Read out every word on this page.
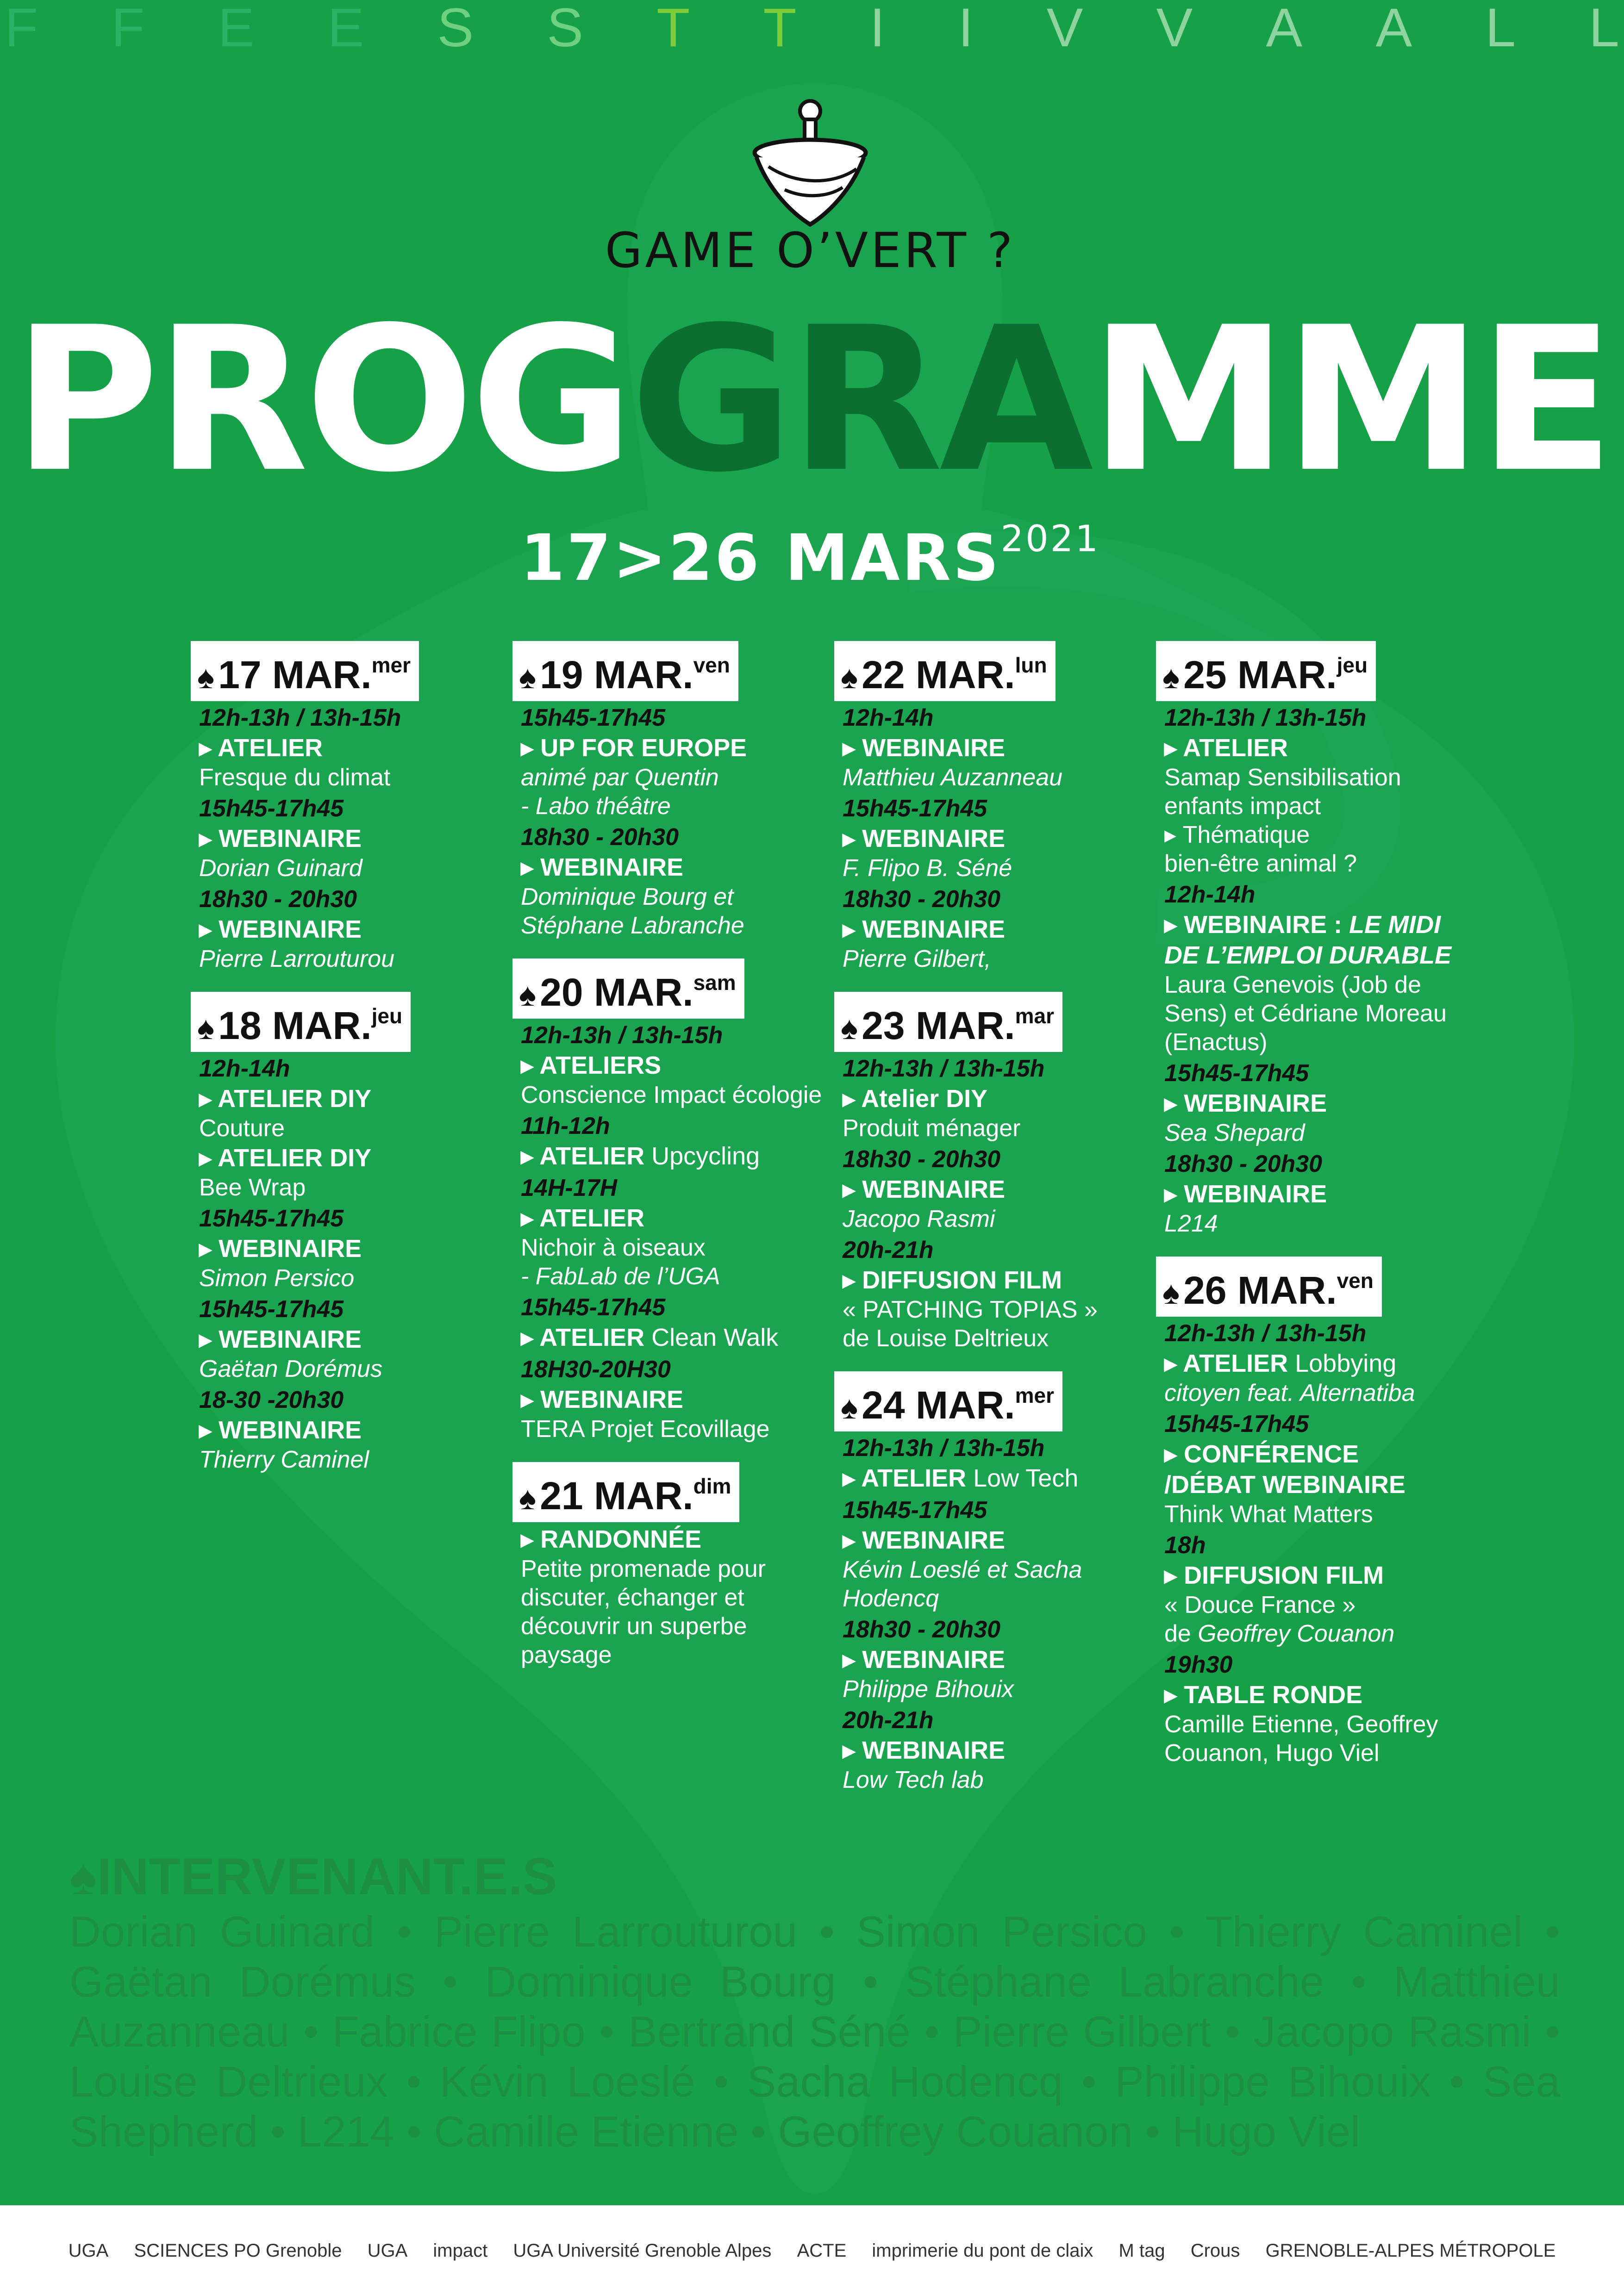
F F E E S S T T I I V V A A L L
GAME O’VERT ?
PROGGRAMME
17>26 $MARS^{2021}$
♠17 MAR.$^{mer}$
12h-13h / 13h-15h
▸ ATELIER
Fresque du climat
15h45-17h45
▸ WEBINAIRE
Dorian Guinard
18h30 - 20h30
▸ WEBINAIRE
Pierre Larrouturou
♠18 MAR.$^{jeu}$
12h-14h
▸ ATELIER DIY
Couture
▸ ATELIER DIY
Bee Wrap
15h45-17h45
▸ WEBINAIRE
Simon Persico
15h45-17h45
▸ WEBINAIRE
Gaëtan Dorémus
18-30 -20h30
▸ WEBINAIRE
Thierry Caminel
♠19 MAR.$^{ven}$
15h45-17h45
▸ UP FOR EUROPE
animé par Quentin
- Labo théâtre
18h30 - 20h30
▸ WEBINAIRE
Dominique Bourg et
Stéphane Labranche
♠20 MAR.$^{sam}$
12h-13h / 13h-15h
▸ ATELIERS
Conscience Impact écologie
11h-12h
▸ ATELIER Upcycling
14H-17H
▸ ATELIER
Nichoir à oiseaux
- FabLab de l’UGA
15h45-17h45
▸ ATELIER Clean Walk
18H30-20H30
▸ WEBINAIRE
TERA Projet Ecovillage
♠21 MAR.$^{dim}$
▸ RANDONNÉE
Petite promenade pour
discuter, échanger et
découvrir un superbe
paysage
♠22 MAR.$^{lun}$
12h-14h
▸ WEBINAIRE
Matthieu Auzanneau
15h45-17h45
▸ WEBINAIRE
F. Flipo B. Séné
18h30 - 20h30
▸ WEBINAIRE
Pierre Gilbert,
♠23 MAR.$^{mar}$
12h-13h / 13h-15h
▸ Atelier DIY
Produit ménager
18h30 - 20h30
▸ WEBINAIRE
Jacopo Rasmi
20h-21h
▸ DIFFUSION FILM
« PATCHING TOPIAS »
de Louise Deltrieux
♠24 MAR.$^{mer}$
12h-13h / 13h-15h
▸ ATELIER Low Tech
15h45-17h45
▸ WEBINAIRE
Kévin Loeslé et Sacha
Hodencq
18h30 - 20h30
▸ WEBINAIRE
Philippe Bihouix
20h-21h
▸ WEBINAIRE
Low Tech lab
♠25 MAR.$^{jeu}$
12h-13h / 13h-15h
▸ ATELIER
Samap Sensibilisation
enfants impact
▸ Thématique
bien-être animal ?
12h-14h
▸ WEBINAIRE : LE MIDI
DE L’EMPLOI DURABLE
Laura Genevois (Job de
Sens) et Cédriane Moreau
(Enactus)
15h45-17h45
▸ WEBINAIRE
Sea Shepard
18h30 - 20h30
▸ WEBINAIRE
L214
♠26 MAR.$^{ven}$
12h-13h / 13h-15h
▸ ATELIER Lobbying
citoyen feat. Alternatiba
15h45-17h45
▸ CONFÉRENCE
/DÉBAT WEBINAIRE
Think What Matters
18h
▸ DIFFUSION FILM
« Douce France »
de Geoffrey Couanon
19h30
▸ TABLE RONDE
Camille Etienne, Geoffrey
Couanon, Hugo Viel
♠INTERVENANT.E.S
Dorian Guinard • Pierre Larrouturou • Simon Persico • Thierry Caminel • Gaëtan Dorémus • Dominique Bourg • Stéphane Labranche • Matthieu Auzanneau • Fabrice Flipo • Bertrand Séné • Pierre Gilbert • Jacopo Rasmi • Louise Deltrieux • Kévin Loeslé • Sacha Hodencq • Philippe Bihouix • Sea Shepherd • L214 • Camille Etienne • Geoffrey Couanon • Hugo Viel
UGA SCIENCES PO Grenoble UGA impact UGA Université Grenoble Alpes ACTE imprimerie du pont de claix M tag Crous GRENOBLE-ALPES MÉTROPOLE
